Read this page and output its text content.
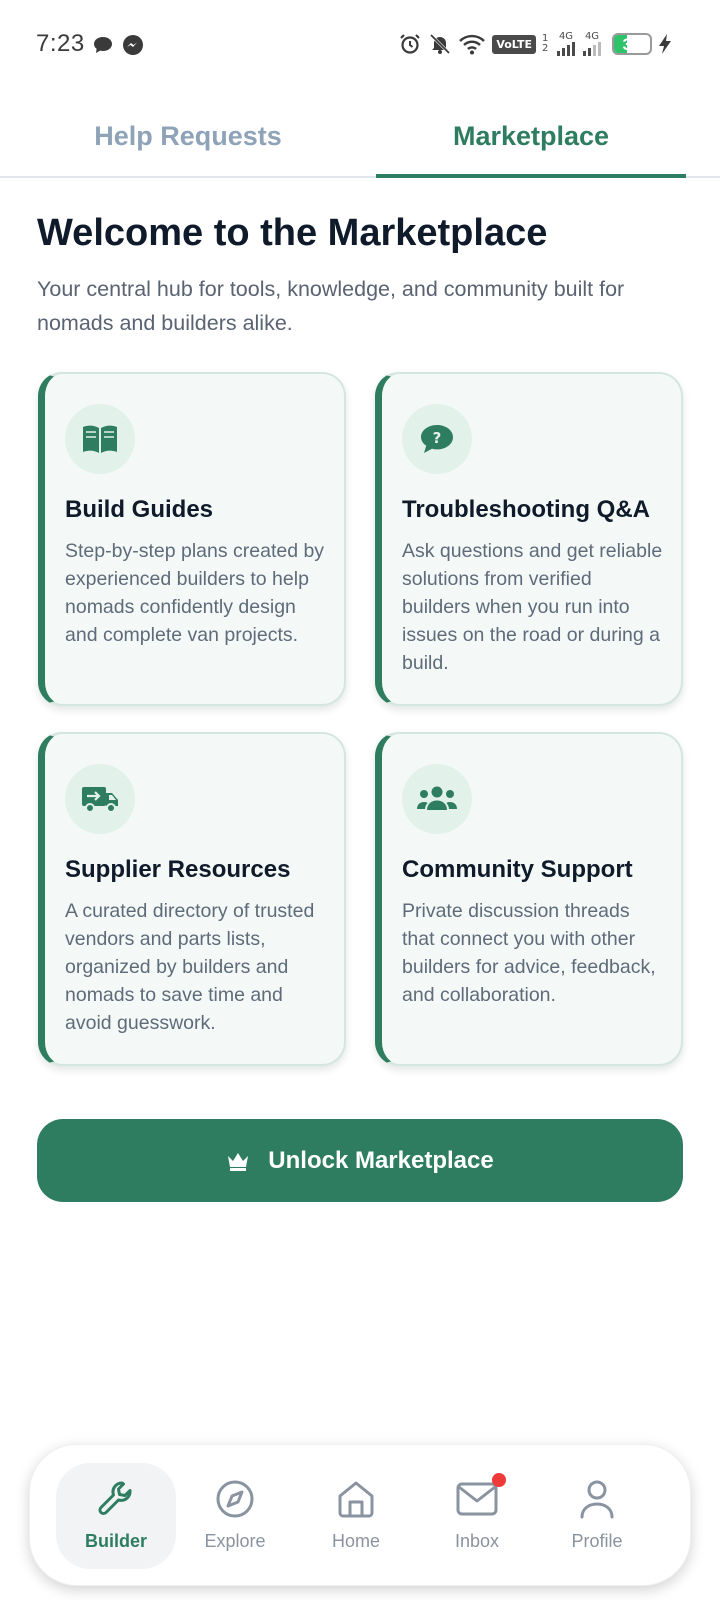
7:23	VoLTE	1 2
4G 4G	36
Help Requests	Marketplace
Welcome to the Marketplace

Your central hub for tools, knowledge, and community built for nomads and builders alike.

Build Guides

Step-by-step plans created by experienced builders to help nomads confidently design and complete van projects.

?
Troubleshooting Q&A

Ask questions and get reliable solutions from verified builders when you run into issues on the road or during a build.

Supplier Resources

A curated directory of trusted vendors and parts lists, organized by builders and nomads to save time and avoid guesswork.

Community Support

Private discussion threads that connect you with other builders for advice, feedback, and collaboration.

Unlock Marketplace
Builder	Explore	Home	Inbox	Profile
